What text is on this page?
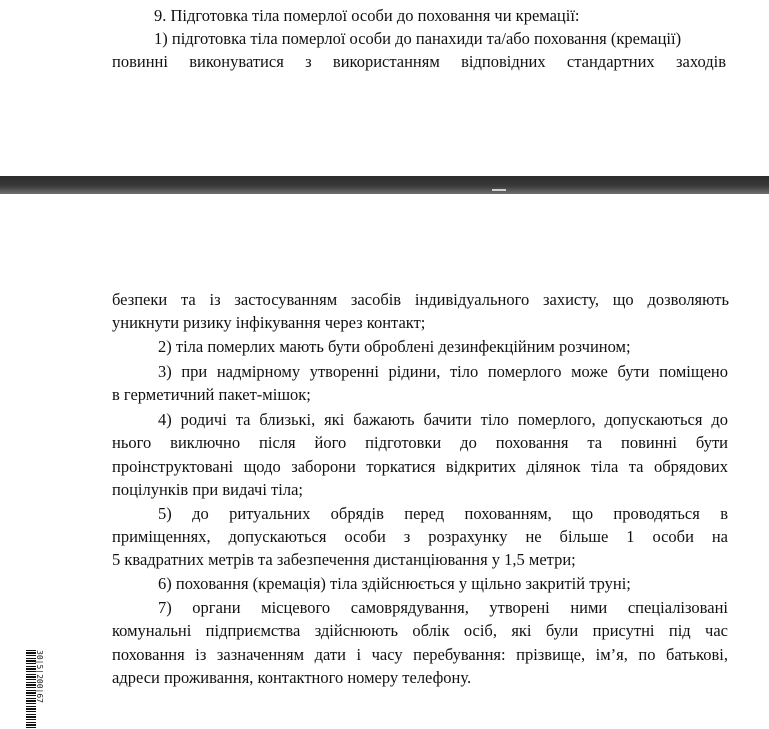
9. Підготовка тіла померлої особи до поховання чи кремації:
1) підготовка тіла померлої особи до панахиди та/або поховання (кремації)
повинні виконуватися з використанням відповідних стандартних заходів
безпеки та із застосуванням засобів індивідуального захисту, що дозволяють
уникнути ризику інфікування через контакт;
2) тіла померлих мають бути оброблені дезинфекційним розчином;
3) при надмірному утворенні рідини, тіло померлого може бути поміщено
в герметичний пакет-мішок;
4) родичі та близькі, які бажають бачити тіло померлого, допускаються до
нього виключно після його підготовки до поховання та повинні бути
проінструктовані щодо заборони торкатися відкритих ділянок тіла та обрядових
поцілунків при видачі тіла;
5) до ритуальних обрядів перед похованням, що проводяться в
приміщеннях, допускаються особи з розрахунку не більше 1 особи на
5 квадратних метрів та забезпечення дистанціювання у 1,5 метри;
6) поховання (кремація) тіла здійснюється у щільно закритій труні;
7) органи місцевого самоврядування, утворені ними спеціалізовані
комунальні підприємства здійснюють облік осіб, які були присутні під час
поховання із зазначенням дати і часу перебування: прізвище, ім’я, по батькові,
адреси проживання, контактного номеру телефону.
30|5|200|67
